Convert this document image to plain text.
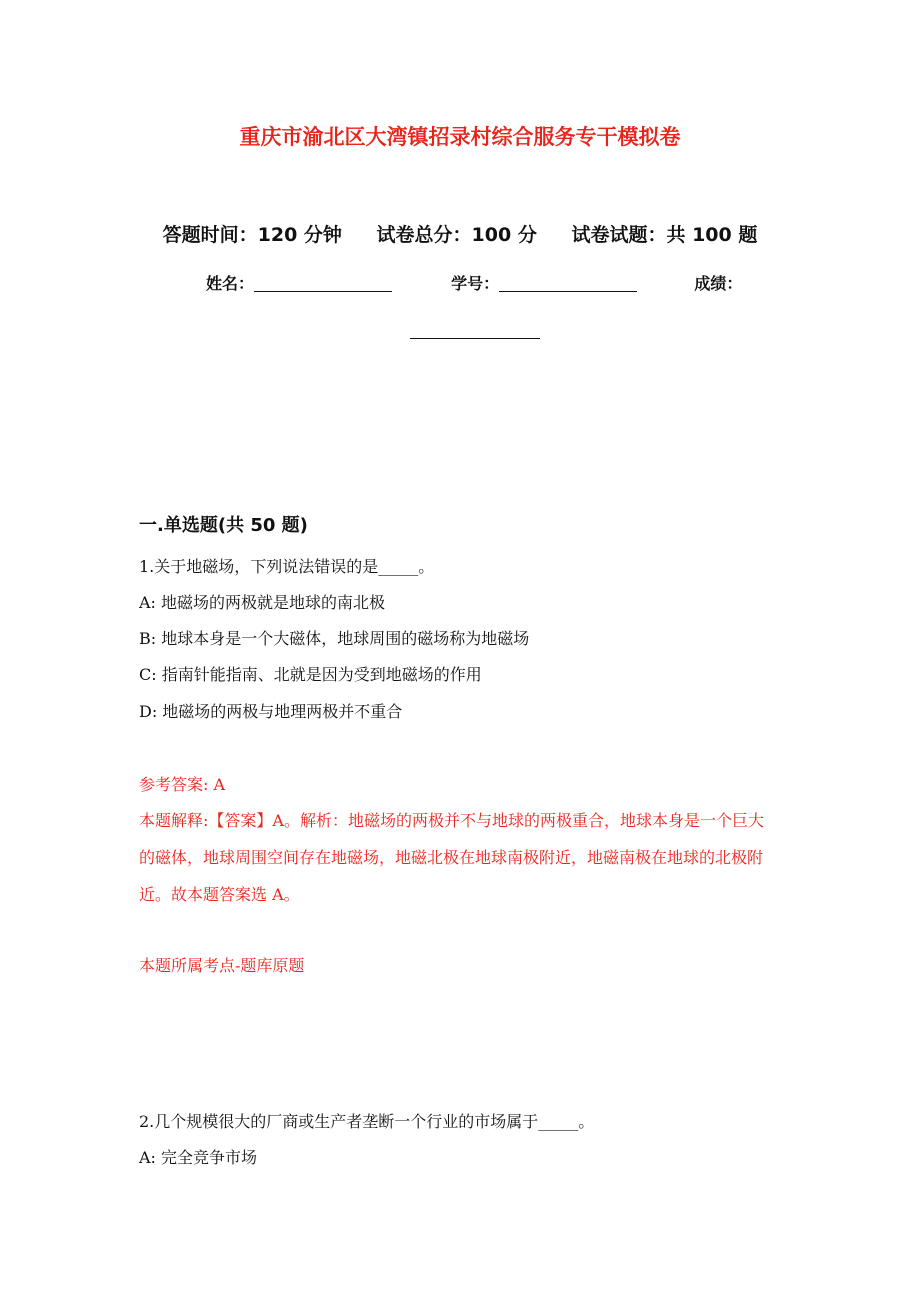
重庆市渝北区大湾镇招录村综合服务专干模拟卷
答题时间：120 分钟 试卷总分：100 分 试卷试题：共 100 题
姓名：	学号：	成绩：
一.单选题(共 50 题)
1.关于地磁场，下列说法错误的是_____。
A: 地磁场的两极就是地球的南北极
B: 地球本身是一个大磁体，地球周围的磁场称为地磁场
C: 指南针能指南、北就是因为受到地磁场的作用
D: 地磁场的两极与地理两极并不重合
参考答案: A
本题解释:【答案】A。解析：地磁场的两极并不与地球的两极重合，地球本身是一个巨大的磁体，地球周围空间存在地磁场，地磁北极在地球南极附近，地磁南极在地球的北极附近。故本题答案选 A。
本题所属考点-题库原题
2.几个规模很大的厂商或生产者垄断一个行业的市场属于_____。
A: 完全竞争市场
